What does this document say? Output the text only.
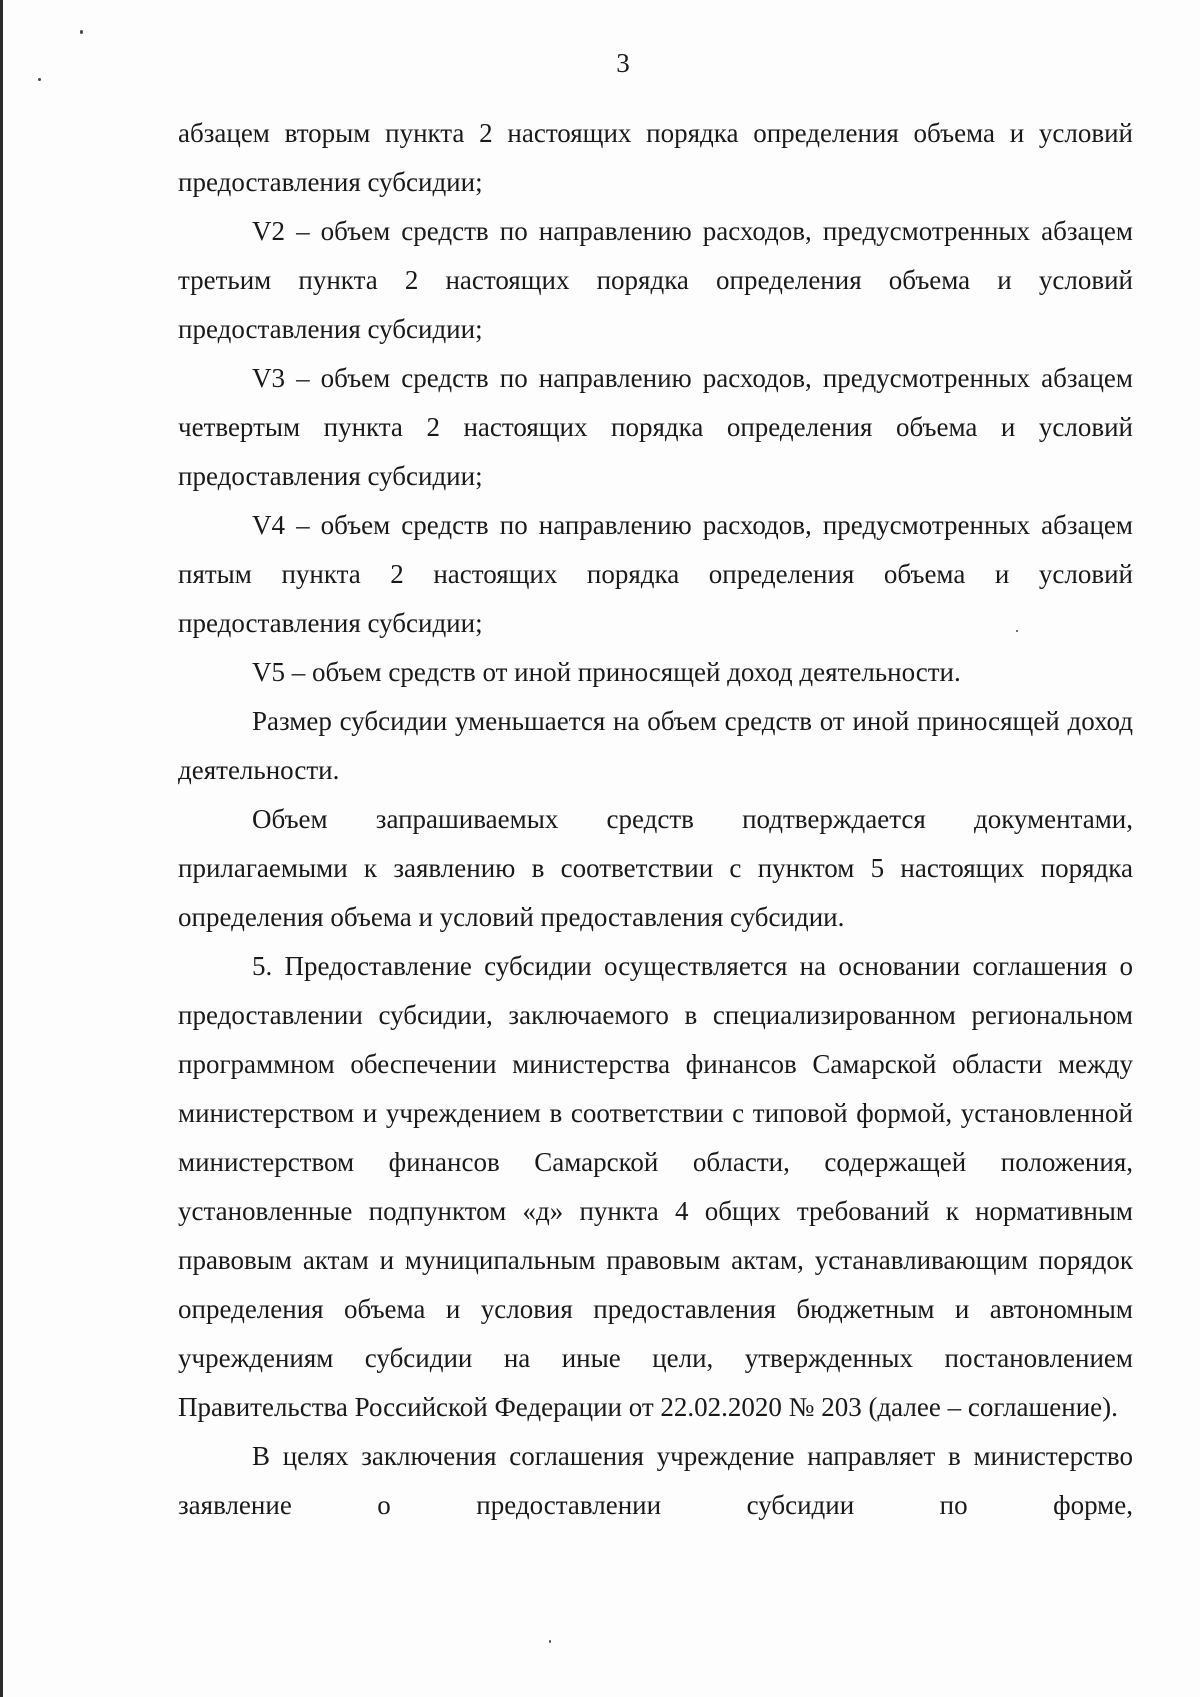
3

абзацем вторым пункта 2 настоящих порядка определения объема и условий предоставления субсидии;

V2 – объем средств по направлению расходов, предусмотренных абзацем третьим пункта 2 настоящих порядка определения объема и условий предоставления субсидии;

V3 – объем средств по направлению расходов, предусмотренных абзацем четвертым пункта 2 настоящих порядка определения объема и условий предоставления субсидии;

V4 – объем средств по направлению расходов, предусмотренных абзацем пятым пункта 2 настоящих порядка определения объема и условий предоставления субсидии;

V5 – объем средств от иной приносящей доход деятельности.

Размер субсидии уменьшается на объем средств от иной приносящей доход деятельности.

Объем запрашиваемых средств подтверждается документами, прилагаемыми к заявлению в соответствии с пунктом 5 настоящих порядка определения объема и условий предоставления субсидии.

5. Предоставление субсидии осуществляется на основании соглашения о предоставлении субсидии, заключаемого в специализированном региональном программном обеспечении министерства финансов Самарской области между министерством и учреждением в соответствии с типовой формой, установленной министерством финансов Самарской области, содержащей положения, установленные подпунктом «д» пункта 4 общих требований к нормативным правовым актам и муниципальным правовым актам, устанавливающим порядок определения объема и условия предоставления бюджетным и автономным учреждениям субсидии на иные цели, утвержденных постановлением Правительства Российской Федерации от 22.02.2020 № 203 (далее – соглашение).

В целях заключения соглашения учреждение направляет в министерство заявление о предоставлении субсидии по форме,
